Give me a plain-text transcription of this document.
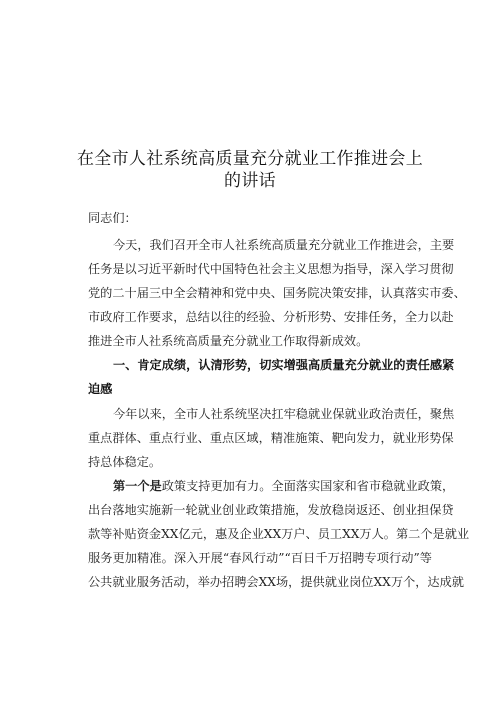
在全市人社系统高质量充分就业工作推进会上
的讲话
同志们：
今天，我们召开全市人社系统高质量充分就业工作推进会，主要
任务是以习近平新时代中国特色社会主义思想为指导，深入学习贯彻
党的二十届三中全会精神和党中央、国务院决策安排，认真落实市委、
市政府工作要求，总结以往的经验、分析形势、安排任务，全力以赴
推进全市人社系统高质量充分就业工作取得新成效。
一、肯定成绩，认清形势，切实增强高质量充分就业的责任感紧
迫感
今年以来，全市人社系统坚决扛牢稳就业保就业政治责任，聚焦
重点群体、重点行业、重点区域，精准施策、靶向发力，就业形势保
持总体稳定。
第一个是政策支持更加有力。全面落实国家和省市稳就业政策，
出台落地实施新一轮就业创业政策措施，发放稳岗返还、创业担保贷
款等补贴资金XX亿元，惠及企业XX万户、员工XX万人。第二个是就业
服务更加精准。深入开展“春风行动”“百日千万招聘专项行动”等
公共就业服务活动，举办招聘会XX场，提供就业岗位XX万个，达成就
